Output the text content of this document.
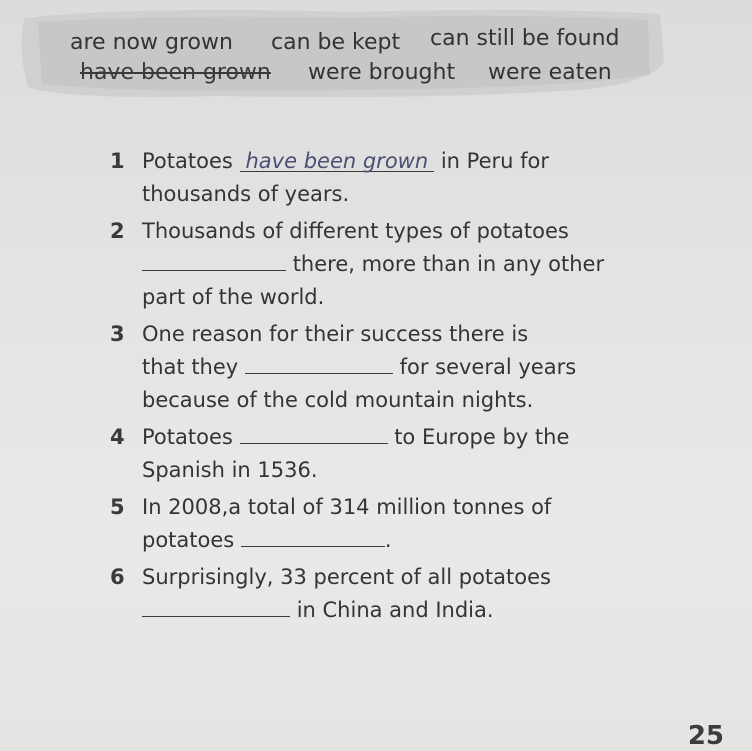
are now grown can be kept can still be found
have been grown were brought were eaten
1 Potatoes have been grown in Peru for
thousands of years.
2 Thousands of different types of potatoes
there, more than in any other
part of the world.
3 One reason for their success there is
that they	for several years
because of the cold mountain nights.
4 Potatoes	to Europe by the
Spanish in 1536.
5 In 2008,a total of 314 million tonnes of
potatoes	.
6 Surprisingly, 33 percent of all potatoes
in China and India.
25
